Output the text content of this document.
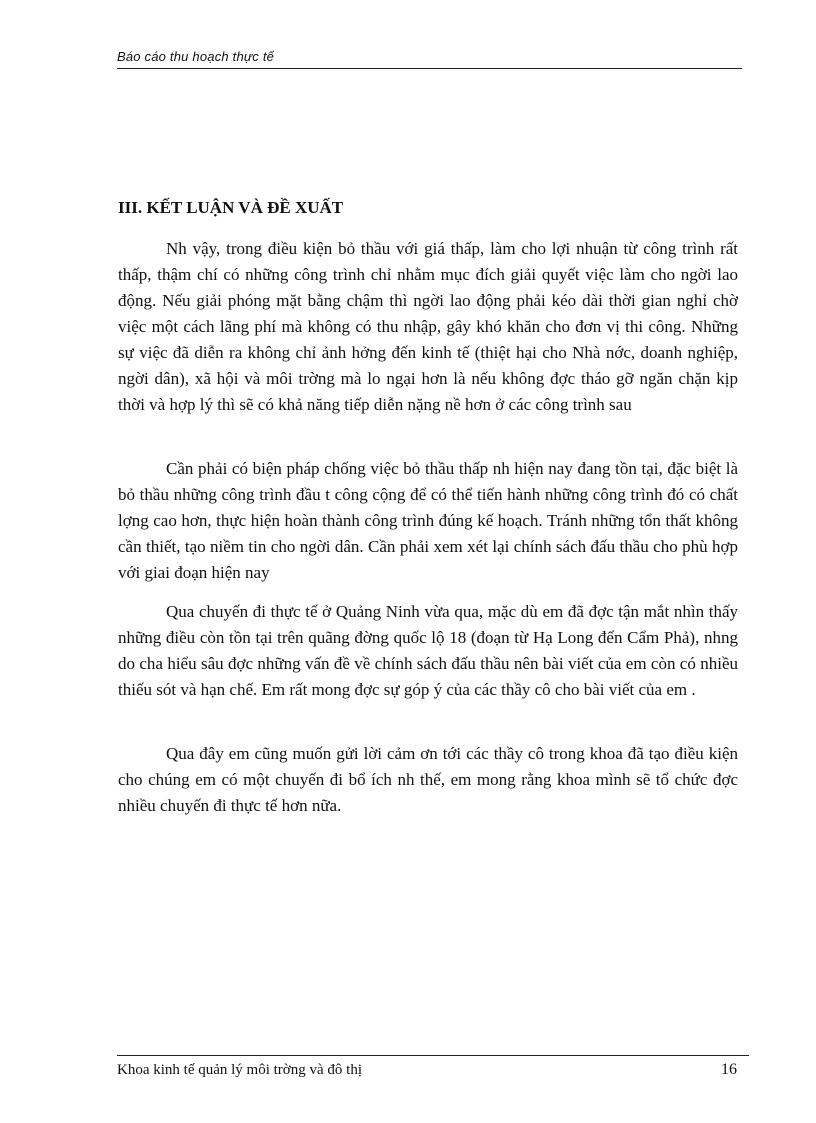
Báo cáo thu hoạch thực tế
III. KẾT LUẬN VÀ ĐỀ XUẤT

Nh vậy, trong điều kiện bỏ thầu với giá thấp, làm cho lợi nhuận từ công trình rất thấp, thậm chí có những công trình chỉ nhằm mục đích giải quyết việc làm cho ngời lao động. Nếu giải phóng mặt bằng chậm thì ngời lao động phải kéo dài thời gian nghỉ chờ việc một cách lãng phí mà không có thu nhập, gây khó khăn cho đơn vị thi công. Những sự việc đã diễn ra không chỉ ảnh hởng đến kinh tế (thiệt hại cho Nhà nớc, doanh nghiệp, ngời dân), xã hội và môi trờng mà lo ngại hơn là nếu không đợc tháo gỡ ngăn chặn kịp thời và hợp lý thì sẽ có khả năng tiếp diễn nặng nề hơn ở các công trình sau

Cần phải có biện pháp chống việc bỏ thầu thấp nh hiện nay đang tồn tại, đặc biệt là bỏ thầu những công trình đầu t công cộng để có thể tiến hành những công trình đó có chất lợng cao hơn, thực hiện hoàn thành công trình đúng kế hoạch. Tránh những tổn thất không cần thiết, tạo niềm tin cho ngời dân. Cần phải xem xét lại chính sách đấu thầu cho phù hợp với giai đoạn hiện nay

Qua chuyến đi thực tế ở Quảng Ninh vừa qua, mặc dù em đã đợc tận mắt nhìn thấy những điều còn tồn tại trên quãng đờng quốc lộ 18 (đoạn từ Hạ Long đến Cẩm Phả), nhng do cha hiểu sâu đợc những vấn đề về chính sách đấu thầu nên bài viết của em còn có nhiều thiếu sót và hạn chế. Em rất mong đợc sự góp ý của các thầy cô cho bài viết của em .

Qua đây em cũng muốn gửi lời cảm ơn tới các thầy cô trong khoa đã tạo điều kiện cho chúng em có một chuyến đi bổ ích nh thế, em mong rằng khoa mình sẽ tổ chức đợc nhiều chuyến đi thực tế hơn nữa.

Khoa kinh tế quản lý môi trờng và đô thị	16
